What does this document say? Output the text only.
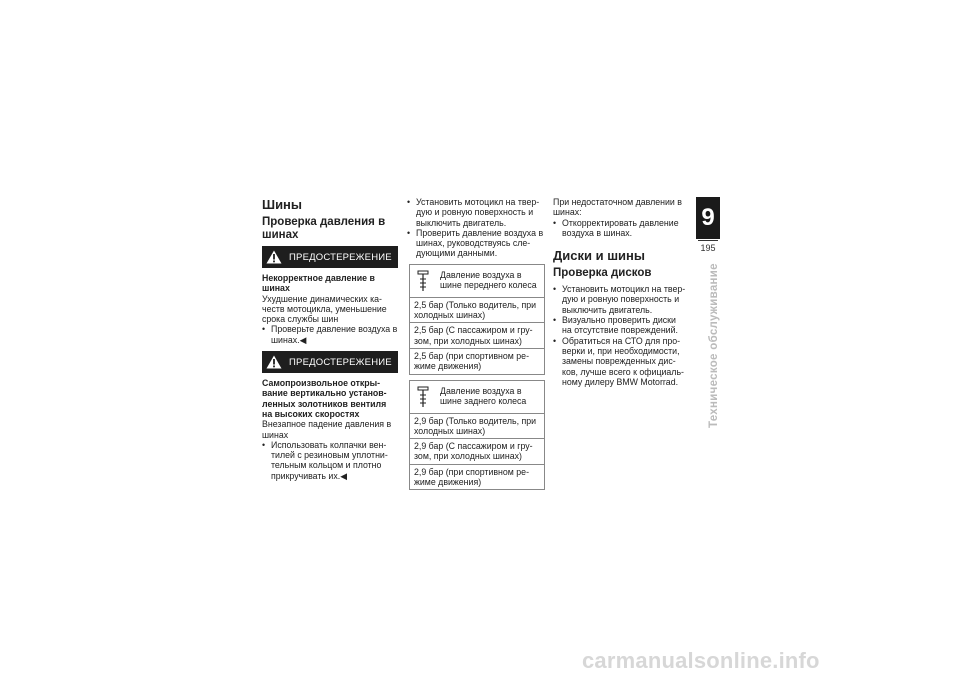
Шины
Проверка давления в шинах
ПРЕДОСТЕРЕЖЕНИЕ
Некорректное давление в шинах
Ухудшение динамических ка-честв мотоцикла, уменьшение срока службы шин
• Проверьте давление воздуха в шинах.◀
ПРЕДОСТЕРЕЖЕНИЕ
Самопроизвольное откры-вание вертикально установ-ленных золотников вентиля на высоких скоростях
Внезапное падение давления в шинах
• Использовать колпачки вен-тилей с резиновым уплотни-тельным кольцом и плотно прикручивать их.◀
• Установить мотоцикл на твер-дую и ровную поверхность и выключить двигатель.
• Проверить давление воздуха в шинах, руководствуясь сле-дующими данными.
Давление воздуха в шине переднего колеса
2,5 бар (Только водитель, при холодных шинах)
2,5 бар (С пассажиром и гру-зом, при холодных шинах)
2,5 бар (при спортивном ре-жиме движения)
Давление воздуха в шине заднего колеса
2,9 бар (Только водитель, при холодных шинах)
2,9 бар (С пассажиром и гру-зом, при холодных шинах)
2,9 бар (при спортивном ре-жиме движения)
При недостаточном давлении в шинах:
• Откорректировать давление воздуха в шинах.
Диски и шины
Проверка дисков
• Установить мотоцикл на твер-дую и ровную поверхность и выключить двигатель.
• Визуально проверить диски на отсутствие повреждений.
• Обратиться на СТО для про-верки и, при необходимости, замены поврежденных дис-ков, лучше всего к официаль-ному дилеру BMW Motorrad.
9
195
Техническое обслуживание
carmanualsonline.info
